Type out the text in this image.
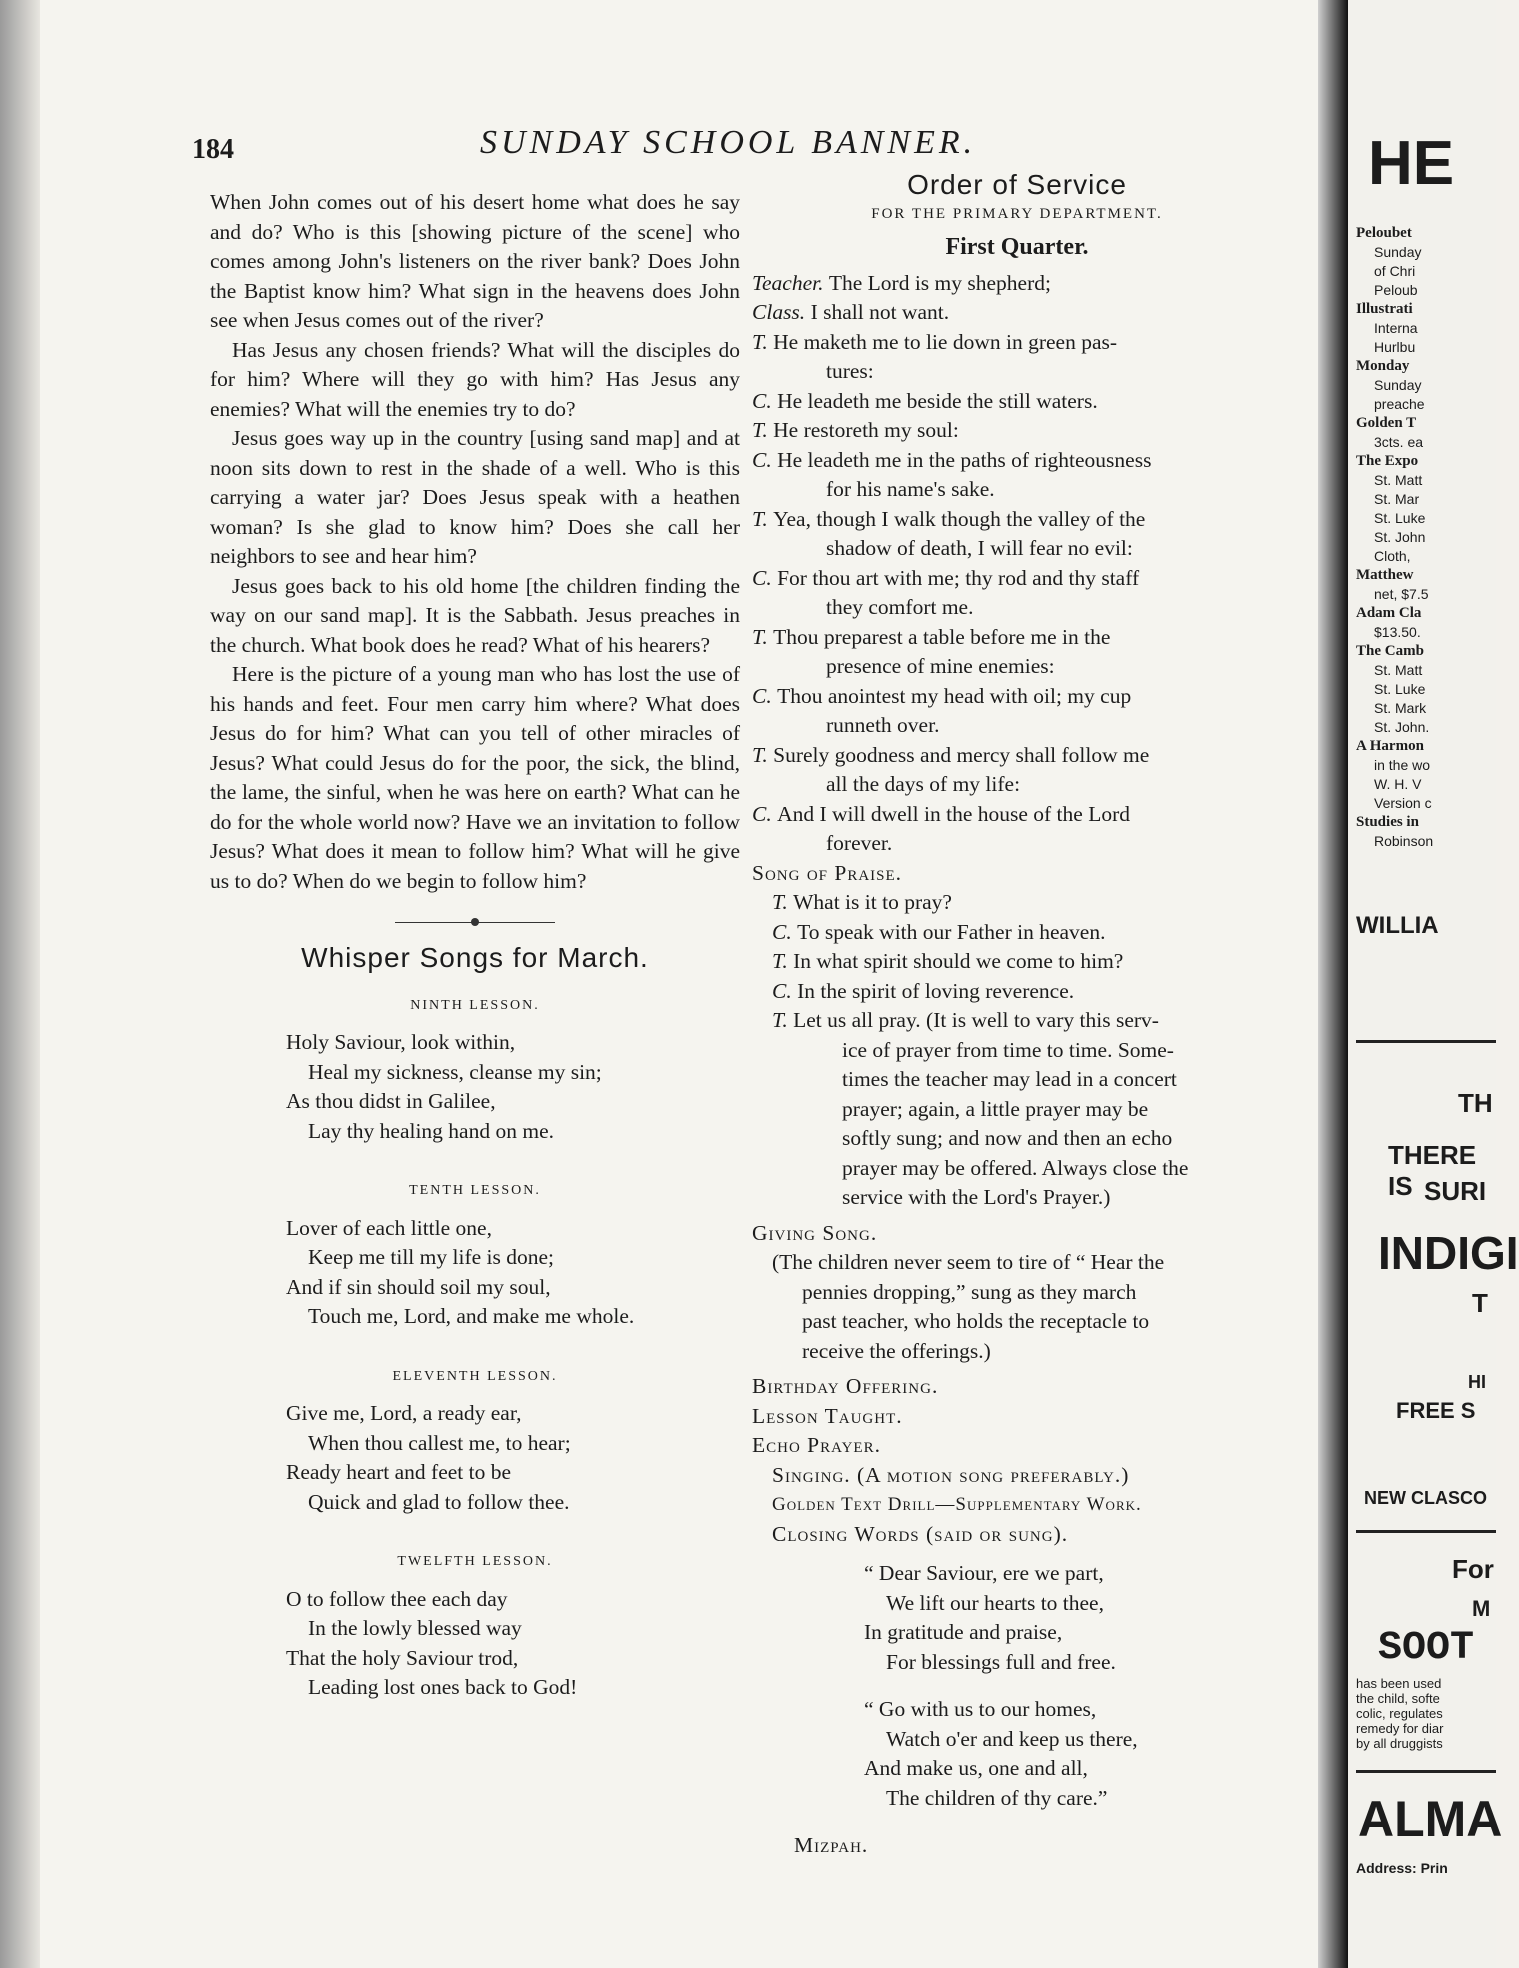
184	SUNDAY SCHOOL BANNER.

When John comes out of his desert home what does he say and do? Who is this [showing picture of the scene] who comes among John's listeners on the river bank? Does John the Baptist know him? What sign in the heavens does John see when Jesus comes out of the river?

Has Jesus any chosen friends? What will the disciples do for him? Where will they go with him? Has Jesus any enemies? What will the enemies try to do?

Jesus goes way up in the country [using sand map] and at noon sits down to rest in the shade of a well. Who is this carrying a water jar? Does Jesus speak with a heathen woman? Is she glad to know him? Does she call her neighbors to see and hear him?

Jesus goes back to his old home [the children finding the way on our sand map]. It is the Sabbath. Jesus preaches in the church. What book does he read? What of his hearers?

Here is the picture of a young man who has lost the use of his hands and feet. Four men carry him where? What does Jesus do for him? What can you tell of other miracles of Jesus? What could Jesus do for the poor, the sick, the blind, the lame, the sinful, when he was here on earth? What can he do for the whole world now? Have we an invitation to follow Jesus? What does it mean to follow him? What will he give us to do? When do we begin to follow him?

Whisper Songs for March.
NINTH LESSON.
Holy Saviour, look within,
Heal my sickness, cleanse my sin;
As thou didst in Galilee,
Lay thy healing hand on me.
TENTH LESSON.
Lover of each little one,
Keep me till my life is done;
And if sin should soil my soul,
Touch me, Lord, and make me whole.
ELEVENTH LESSON.
Give me, Lord, a ready ear,
When thou callest me, to hear;
Ready heart and feet to be
Quick and glad to follow thee.
TWELFTH LESSON.
O to follow thee each day
In the lowly blessed way
That the holy Saviour trod,
Leading lost ones back to God!
Order of Service
FOR THE PRIMARY DEPARTMENT.
First Quarter.
Teacher. The Lord is my shepherd;
Class. I shall not want.
T. He maketh me to lie down in green pas-
tures:
C. He leadeth me beside the still waters.
T. He restoreth my soul:
C. He leadeth me in the paths of righteousness
for his name's sake.
T. Yea, though I walk though the valley of the
shadow of death, I will fear no evil:
C. For thou art with me; thy rod and thy staff
they comfort me.
T. Thou preparest a table before me in the
presence of mine enemies:
C. Thou anointest my head with oil; my cup
runneth over.
T. Surely goodness and mercy shall follow me
all the days of my life:
C. And I will dwell in the house of the Lord
forever.
Song of Praise.
T. What is it to pray?
C. To speak with our Father in heaven.
T. In what spirit should we come to him?
C. In the spirit of loving reverence.
T. Let us all pray. (It is well to vary this serv-
ice of prayer from time to time. Some-
times the teacher may lead in a concert
prayer; again, a little prayer may be
softly sung; and now and then an echo
prayer may be offered. Always close the
service with the Lord's Prayer.)
Giving Song.
(The children never seem to tire of “ Hear the
pennies dropping,” sung as they march
past teacher, who holds the receptacle to
receive the offerings.)
Birthday Offering.
Lesson Taught.
Echo Prayer.
Singing. (A motion song preferably.)
Golden Text Drill—Supplementary Work.
Closing Words (said or sung).
“ Dear Saviour, ere we part,
We lift our hearts to thee,
In gratitude and praise,
For blessings full and free.
“ Go with us to our homes,
Watch o'er and keep us there,
And make us, one and all,
The children of thy care.”
Mizpah.
HE
Peloubet
Sunday
of Chri
Peloub
Illustrati
Interna
Hurlbu
Monday
Sunday
preache
Golden T
3cts. ea
The Expo
St. Matt
St. Mar
St. Luke
St. John
Cloth,
Matthew
net, $7.5
Adam Cla
$13.50.
The Camb
St. Matt
St. Luke
St. Mark
St. John.
A Harmon
in the wo
W. H. V
Version c
Studies in
Robinson
WILLIA
TH
THERE IS SURI
INDIGI
T
HI
FREE S
NEW CLASCO
For
M
SOOT
has been used
the child, softe
colic, regulates
remedy for diar
by all druggists
ALMA
Address: Prin
